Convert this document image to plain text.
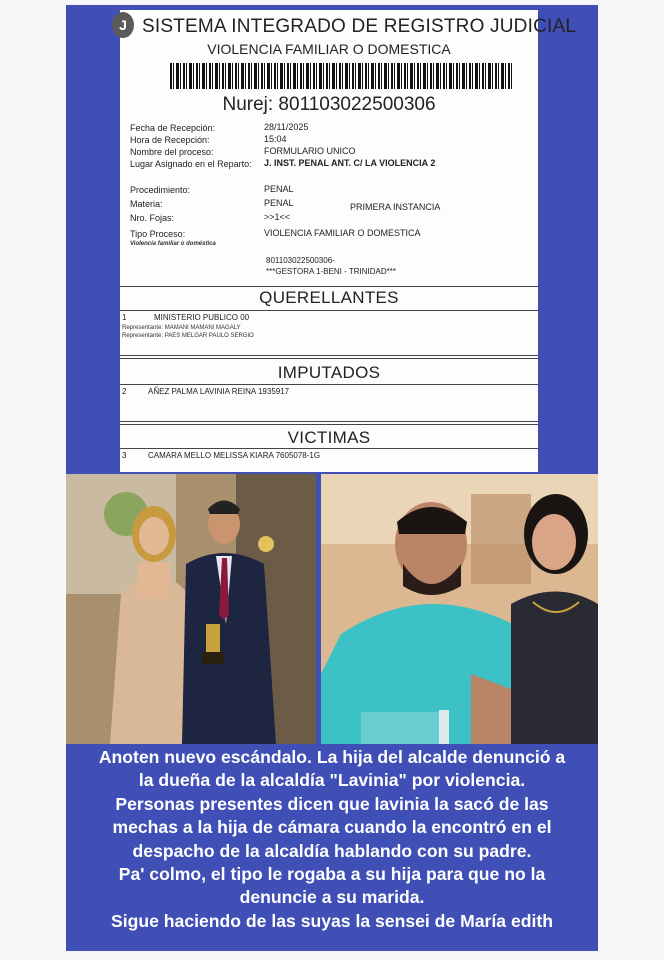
J SISTEMA INTEGRADO DE REGISTRO JUDICIAL
VIOLENCIA FAMILIAR O DOMESTICA
Nurej: 801103022500306
Fecha de Recepción:	28/11/2025
Hora de Recepción:	15:04
Nombre del proceso:	FORMULARIO UNICO
Lugar Asignado en el Reparto: J. INST. PENAL ANT. C/ LA VIOLENCIA 2
Procedimiento:	PENAL
Materia:	PENAL	PRIMERA INSTANCIA
Nro. Fojas:	>>1<<
Tipo Proceso:	VIOLENCIA FAMILIAR O DOMESTICA
Violencia familiar o doméstica
801103022500306-
***GESTORA 1-BENI - TRINIDAD***
QUERELLANTES
1	MINISTERIO PUBLICO 00
Representante: MAMANI MAMANI MAGALY
Representante: PAES MELGAR PAULO SERGIO
IMPUTADOS
2	AÑEZ PALMA LAVINIA REINA 1935917
VICTIMAS
3	CAMARA MELLO MELISSA KIARA 7605078-1G

Anoten nuevo escándalo. La hija del alcalde denunció a

la dueña de la alcaldía "Lavinia" por violencia.

Personas presentes dicen que lavinia la sacó de las

mechas a la hija de cámara cuando la encontró en el

despacho de la alcaldía hablando con su padre.

Pa' colmo, el tipo le rogaba a su hija para que no la

denuncie a su marida.

Sigue haciendo de las suyas la sensei de María edith
